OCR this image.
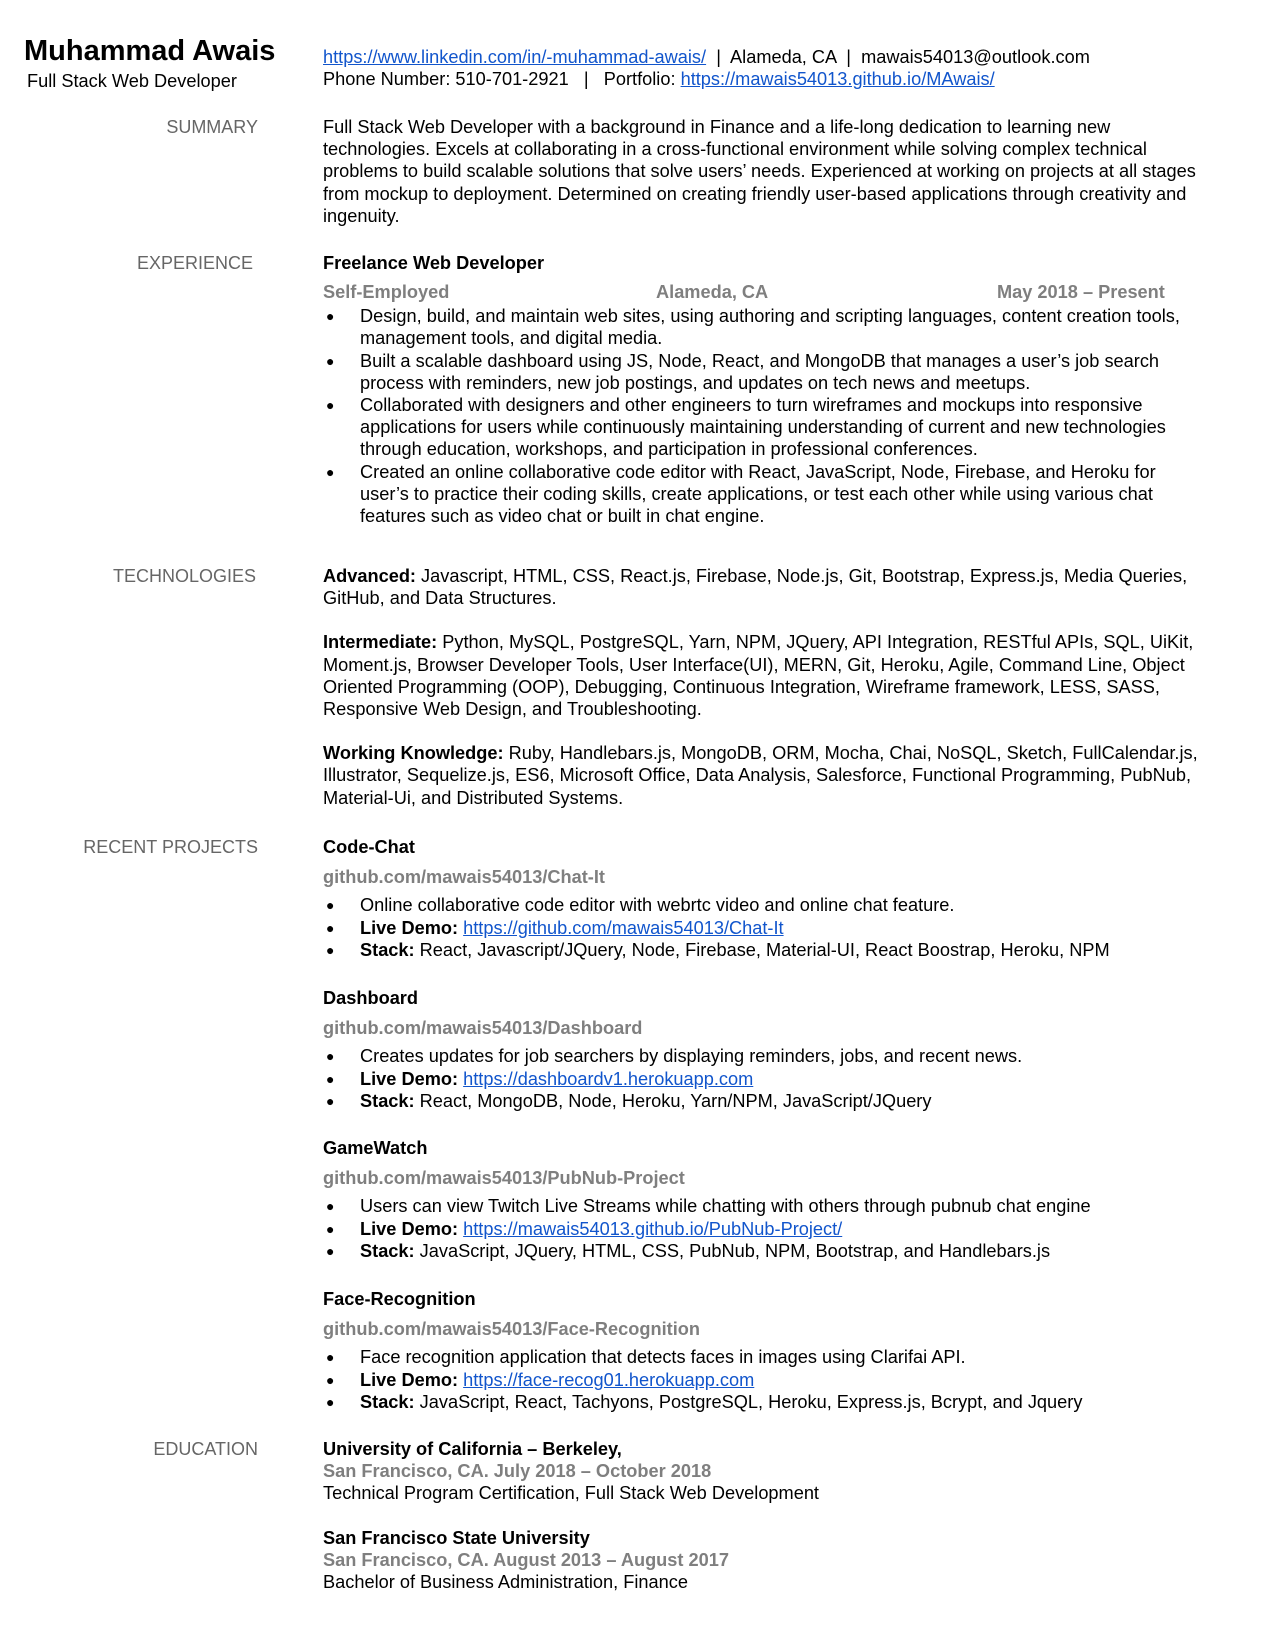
Muhammad Awais
Full Stack Web Developer
https://www.linkedin.com/in/-muhammad-awais/  |  Alameda, CA  |  mawais54013@outlook.com
Phone Number: 510-701-2921   |   Portfolio: https://mawais54013.github.io/MAwais/
SUMMARY	Full Stack Web Developer with a background in Finance and a life-long dedication to learning new technologies. Excels at collaborating in a cross-functional environment while solving complex technical problems to build scalable solutions that solve users’ needs. Experienced at working on projects at all stages from mockup to deployment. Determined on creating friendly user-based applications through creativity and ingenuity.
EXPERIENCE	Freelance Web Developer
Self-Employed	Alameda, CA	May 2018 – Present
● Design, build, and maintain web sites, using authoring and scripting languages, content creation tools, management tools, and digital media.
● Built a scalable dashboard using JS, Node, React, and MongoDB that manages a user’s job search process with reminders, new job postings, and updates on tech news and meetups.
● Collaborated with designers and other engineers to turn wireframes and mockups into responsive applications for users while continuously maintaining understanding of current and new technologies through education, workshops, and participation in professional conferences.
● Created an online collaborative code editor with React, JavaScript, Node, Firebase, and Heroku for user’s to practice their coding skills, create applications, or test each other while using various chat features such as video chat or built in chat engine.
TECHNOLOGIES	Advanced: Javascript, HTML, CSS, React.js, Firebase, Node.js, Git, Bootstrap, Express.js, Media Queries, GitHub, and Data Structures.
Intermediate: Python, MySQL, PostgreSQL, Yarn, NPM, JQuery, API Integration, RESTful APIs, SQL, UiKit, Moment.js, Browser Developer Tools, User Interface(UI), MERN, Git, Heroku, Agile, Command Line, Object Oriented Programming (OOP), Debugging, Continuous Integration, Wireframe framework, LESS, SASS, Responsive Web Design, and Troubleshooting.
Working Knowledge: Ruby, Handlebars.js, MongoDB, ORM, Mocha, Chai, NoSQL, Sketch, FullCalendar.js, Illustrator, Sequelize.js, ES6, Microsoft Office, Data Analysis, Salesforce, Functional Programming, PubNub, Material-Ui, and Distributed Systems.
RECENT PROJECTS	Code-Chat
github.com/mawais54013/Chat-It
● Online collaborative code editor with webrtc video and online chat feature.
● Live Demo: https://github.com/mawais54013/Chat-It
● Stack: React, Javascript/JQuery, Node, Firebase, Material-UI, React Boostrap, Heroku, NPM
Dashboard
github.com/mawais54013/Dashboard
● Creates updates for job searchers by displaying reminders, jobs, and recent news.
● Live Demo: https://dashboardv1.herokuapp.com
● Stack: React, MongoDB, Node, Heroku, Yarn/NPM, JavaScript/JQuery
GameWatch
github.com/mawais54013/PubNub-Project
● Users can view Twitch Live Streams while chatting with others through pubnub chat engine
● Live Demo: https://mawais54013.github.io/PubNub-Project/
● Stack: JavaScript, JQuery, HTML, CSS, PubNub, NPM, Bootstrap, and Handlebars.js
Face-Recognition
github.com/mawais54013/Face-Recognition
● Face recognition application that detects faces in images using Clarifai API.
● Live Demo: https://face-recog01.herokuapp.com
● Stack: JavaScript, React, Tachyons, PostgreSQL, Heroku, Express.js, Bcrypt, and Jquery
EDUCATION	University of California – Berkeley,
San Francisco, CA. July 2018 – October 2018
Technical Program Certification, Full Stack Web Development
San Francisco State University
San Francisco, CA. August 2013 – August 2017
Bachelor of Business Administration, Finance
